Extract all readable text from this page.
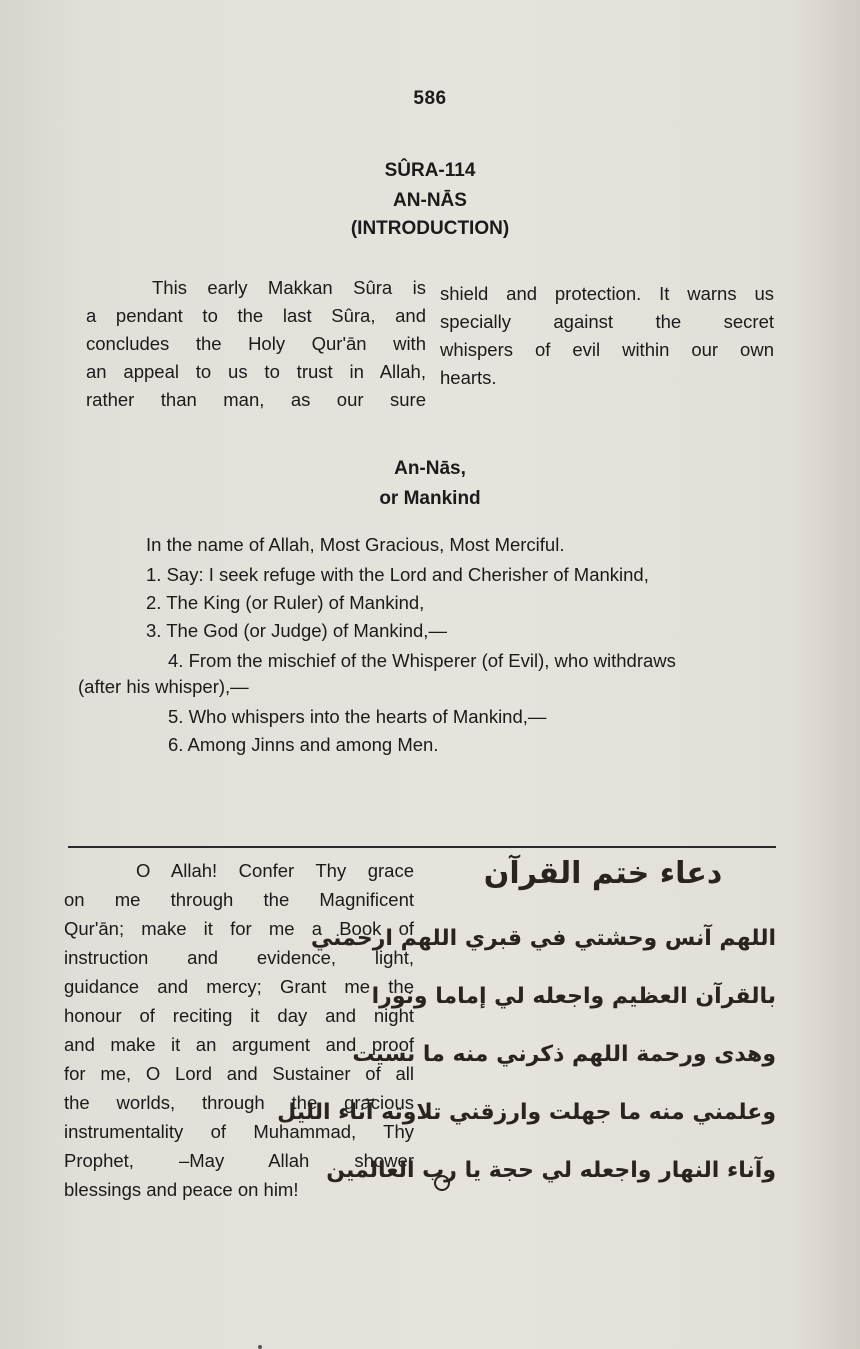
586
SÛRA-114
AN-NĀS
(INTRODUCTION)
This early Makkan Sûra is
a pendant to the last Sûra, and
concludes the Holy Qur'ān with
an appeal to us to trust in Allah,
rather than man, as our sure
shield and protection. It warns us
specially against the secret
whispers of evil within our own
hearts.
An-Nās,
or Mankind
In the name of Allah, Most Gracious, Most Merciful.
1. Say: I seek refuge with the Lord and Cherisher of Mankind,
2. The King (or Ruler) of Mankind,
3. The God (or Judge) of Mankind,—
4. From the mischief of the Whisperer (of Evil), who withdraws
(after his whisper),—
5. Who whispers into the hearts of Mankind,—
6. Among Jinns and among Men.
O Allah! Confer Thy grace
on me through the Magnificent
Qur'ān; make it for me a Book of
instruction and evidence, light,
guidance and mercy; Grant me the
honour of reciting it day and night
and make it an argument and proof
for me, O Lord and Sustainer of all
the worlds, through the gracious
instrumentality of Muhammad, Thy
Prophet, –May Allah shower
blessings and peace on him!
دعاء ختم القرآن
اللهم آنس وحشتي في قبري اللهم ارحمني
بالقرآن العظيم واجعله لي إماما ونورا
وهدى ورحمة اللهم ذكرني منه ما نسيت
وعلمني منه ما جهلت وارزقني تلاوته آناء الليل
وآناء النهار واجعله لي حجة يا رب العالمين
